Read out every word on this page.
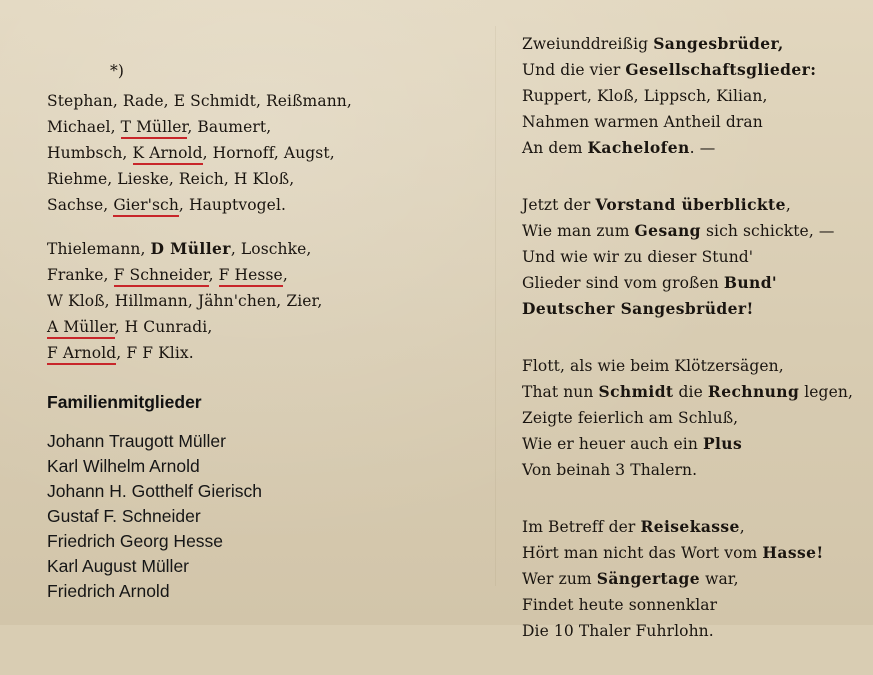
*)
Stephan, Rade, E Schmidt, Reißmann,
Michael, T Müller, Baumert,
Humbsch, K Arnold, Hornoff, Augst,
Riehme, Lieske, Reich, H Kloß,
Sachse, Gier'sch, Hauptvogel.
Thielemann, D Müller, Loschke,
Franke, F Schneider, F Hesse,
W Kloß, Hillmann, Jähn'chen, Zier,
A Müller, H Cunradi,
F Arnold, F F Klix.
Familienmitglieder
Johann Traugott Müller
Karl Wilhelm Arnold
Johann H. Gotthelf Gierisch
Gustaf F. Schneider
Friedrich Georg Hesse
Karl August Müller
Friedrich Arnold
Zweiunddreißig Sangesbrüder,
Und die vier Gesellschaftsglieder:
Ruppert, Kloß, Lippsch, Kilian,
Nahmen warmen Antheil dran
An dem Kachelofen. —
Jetzt der Vorstand überblickte,
Wie man zum Gesang sich schickte, —
Und wie wir zu dieser Stund'
Glieder sind vom großen Bund'
Deutscher Sangesbrüder!
Flott, als wie beim Klötzersägen,
That nun Schmidt die Rechnung legen,
Zeigte feierlich am Schluß,
Wie er heuer auch ein Plus
Von beinah 3 Thalern.
Im Betreff der Reisekasse,
Hört man nicht das Wort vom Hasse!
Wer zum Sängertage war,
Findet heute sonnenklar
Die 10 Thaler Fuhrlohn.
